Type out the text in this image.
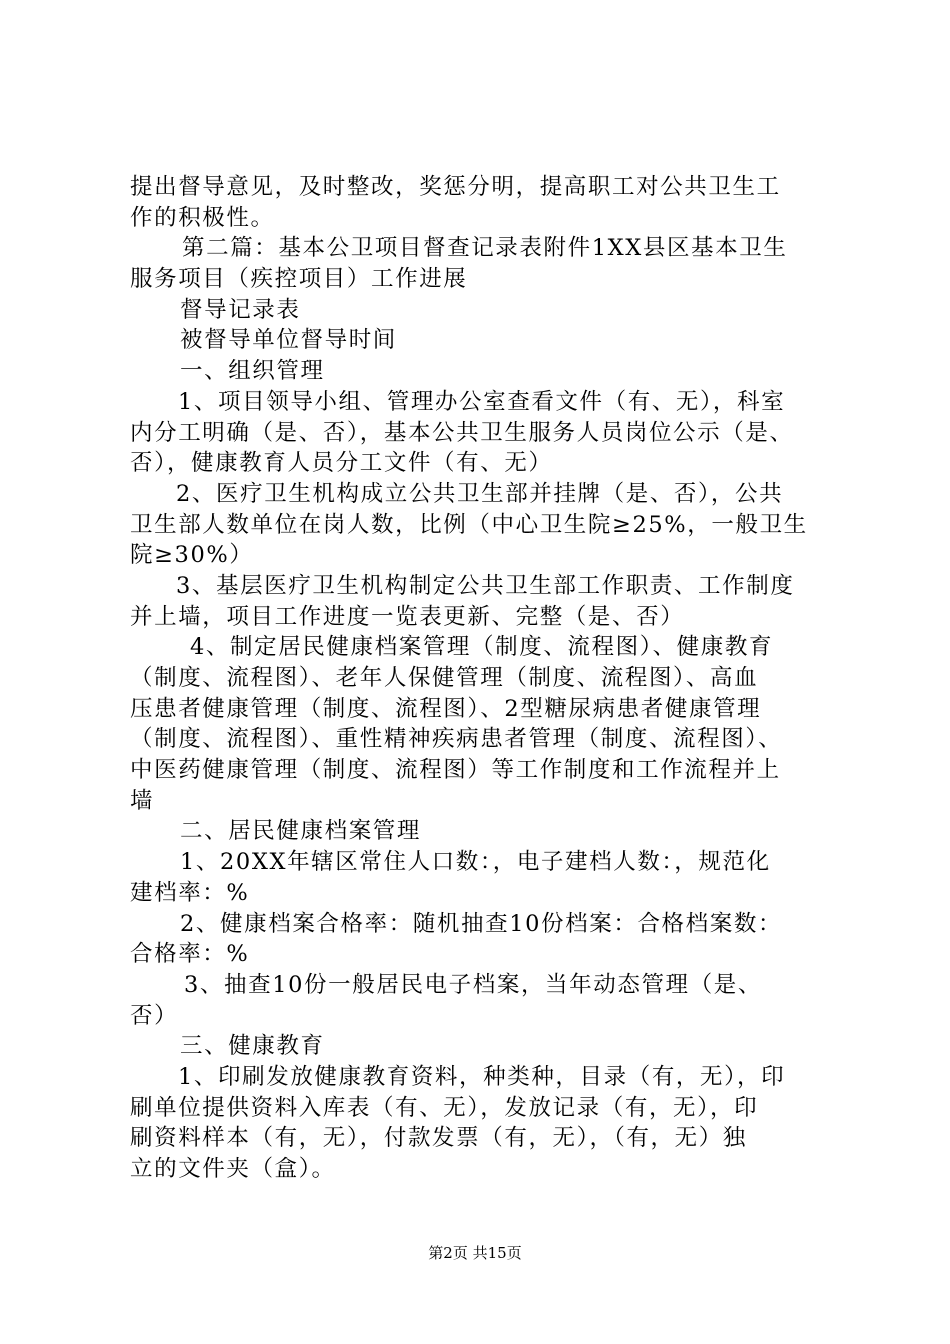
提出督导意见，及时整改，奖惩分明，提高职工对公共卫生工
作的积极性。
第二篇：基本公卫项目督查记录表附件1XX县区基本卫生
服务项目（疾控项目）工作进展
督导记录表
被督导单位督导时间
一、组织管理
1、项目领导小组、管理办公室查看文件（有、无），科室
内分工明确（是、否），基本公共卫生服务人员岗位公示（是、
否），健康教育人员分工文件（有、无）
2、医疗卫生机构成立公共卫生部并挂牌（是、否），公共
卫生部人数单位在岗人数，比例（中心卫生院≥25%，一般卫生
院≥30%）
3、基层医疗卫生机构制定公共卫生部工作职责、工作制度
并上墙，项目工作进度一览表更新、完整（是、否）
4、制定居民健康档案管理（制度、流程图）、健康教育
（制度、流程图）、老年人保健管理（制度、流程图）、高血
压患者健康管理（制度、流程图）、2型糖尿病患者健康管理
（制度、流程图）、重性精神疾病患者管理（制度、流程图）、
中医药健康管理（制度、流程图）等工作制度和工作流程并上
墙
二、居民健康档案管理
1、20XX年辖区常住人口数：，电子建档人数：，规范化
建档率：%
2、健康档案合格率：随机抽查10份档案：合格档案数：
合格率：%
3、抽查10份一般居民电子档案，当年动态管理（是、
否）
三、健康教育
1、印刷发放健康教育资料，种类种，目录（有，无），印
刷单位提供资料入库表（有、无），发放记录（有，无），印
刷资料样本（有，无），付款发票（有，无），（有，无）独
立的文件夹（盒）。
第2页 共15页
